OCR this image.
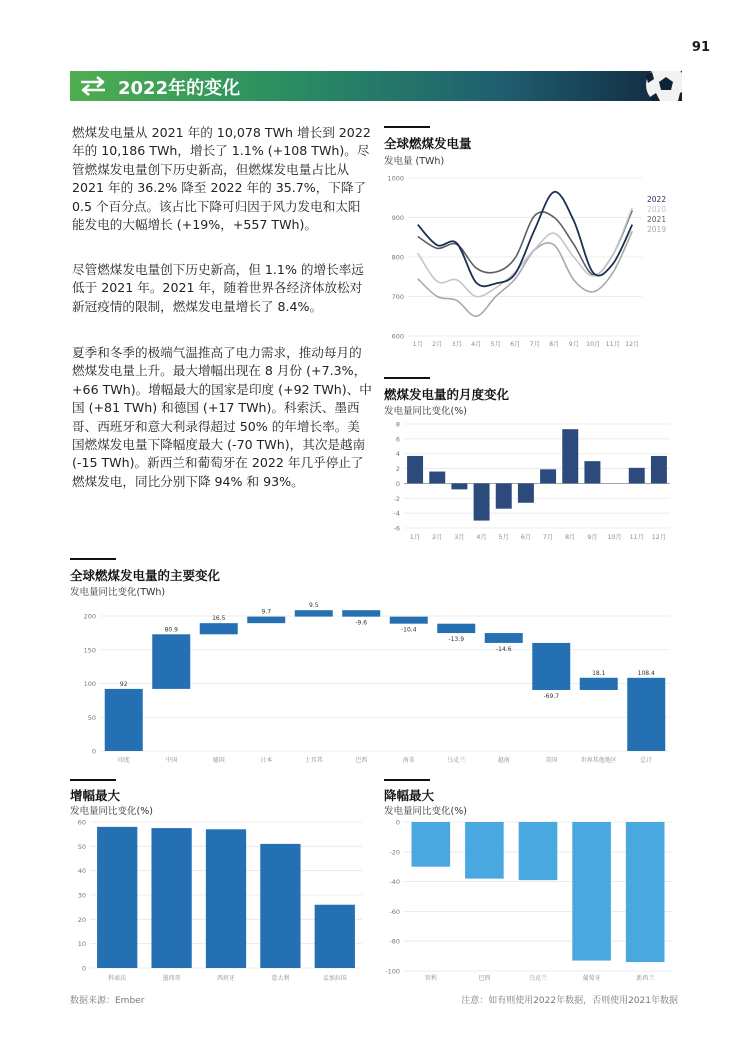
91
2022年的变化

燃煤发电量从 2021 年的 10,078 TWh 增长到 2022 年的 10,186 TWh，增长了 1.1% (+108 TWh)。尽管燃煤发电量创下历史新高，但燃煤发电量占比从 2021 年的 36.2% 降至 2022 年的 35.7%，下降了 0.5 个百分点。该占比下降可归因于风力发电和太阳能发电的大幅增长 (+19%，+557 TWh)。

尽管燃煤发电量创下历史新高，但 1.1% 的增长率远低于 2021 年。2021 年，随着世界各经济体放松对新冠疫情的限制，燃煤发电量增长了 8.4%。

夏季和冬季的极端气温推高了电力需求，推动每月的燃煤发电量上升。最大增幅出现在 8 月份 (+7.3%，+66 TWh)。增幅最大的国家是印度 (+92 TWh)、中国 (+81 TWh) 和德国 (+17 TWh)。科索沃、墨西哥、西班牙和意大利录得超过 50% 的年增长率。美国燃煤发电量下降幅度最大 (-70 TWh)，其次是越南 (-15 TWh)。新西兰和葡萄牙在 2022 年几乎停止了燃煤发电，同比分别下降 94% 和 93%。

全球燃煤发电量
发电量 (TWh)
600
700
800
900
1000
1月 2月 3月 4月 5月 6月 7月 8月 9月 10月 11月 12月
2022
2020
2021
2019
燃煤发电量的月度变化
发电量同比变化(%)
-6
-4
-2
0
2
4
6
8
1月 2月 3月 4月 5月 6月 7月 8月 9月 10月 11月 12月
全球燃煤发电量的主要变化
发电量同比变化(TWh)
0
50
100
150
200
印度	中国	德国	日本	土耳其	巴西	南非	乌克兰	越南	美国	世界其他地区	总计
92
80.9
16.5
9.7
9.5
-9.6
-10.4
-13.9
-14.6
-69.7
18.1	108.4
增幅最大
发电量同比变化(%)
0
10
20
30
40
50
60
科索沃	墨西哥	西班牙	意大利	孟加拉国
降幅最大
发电量同比变化(%)
-100
-80
-60
-40
-20
0
智利	巴西	乌克兰	葡萄牙	新西兰
数据来源：Ember	注意：如有则使用2022年数据，否则使用2021年数据
